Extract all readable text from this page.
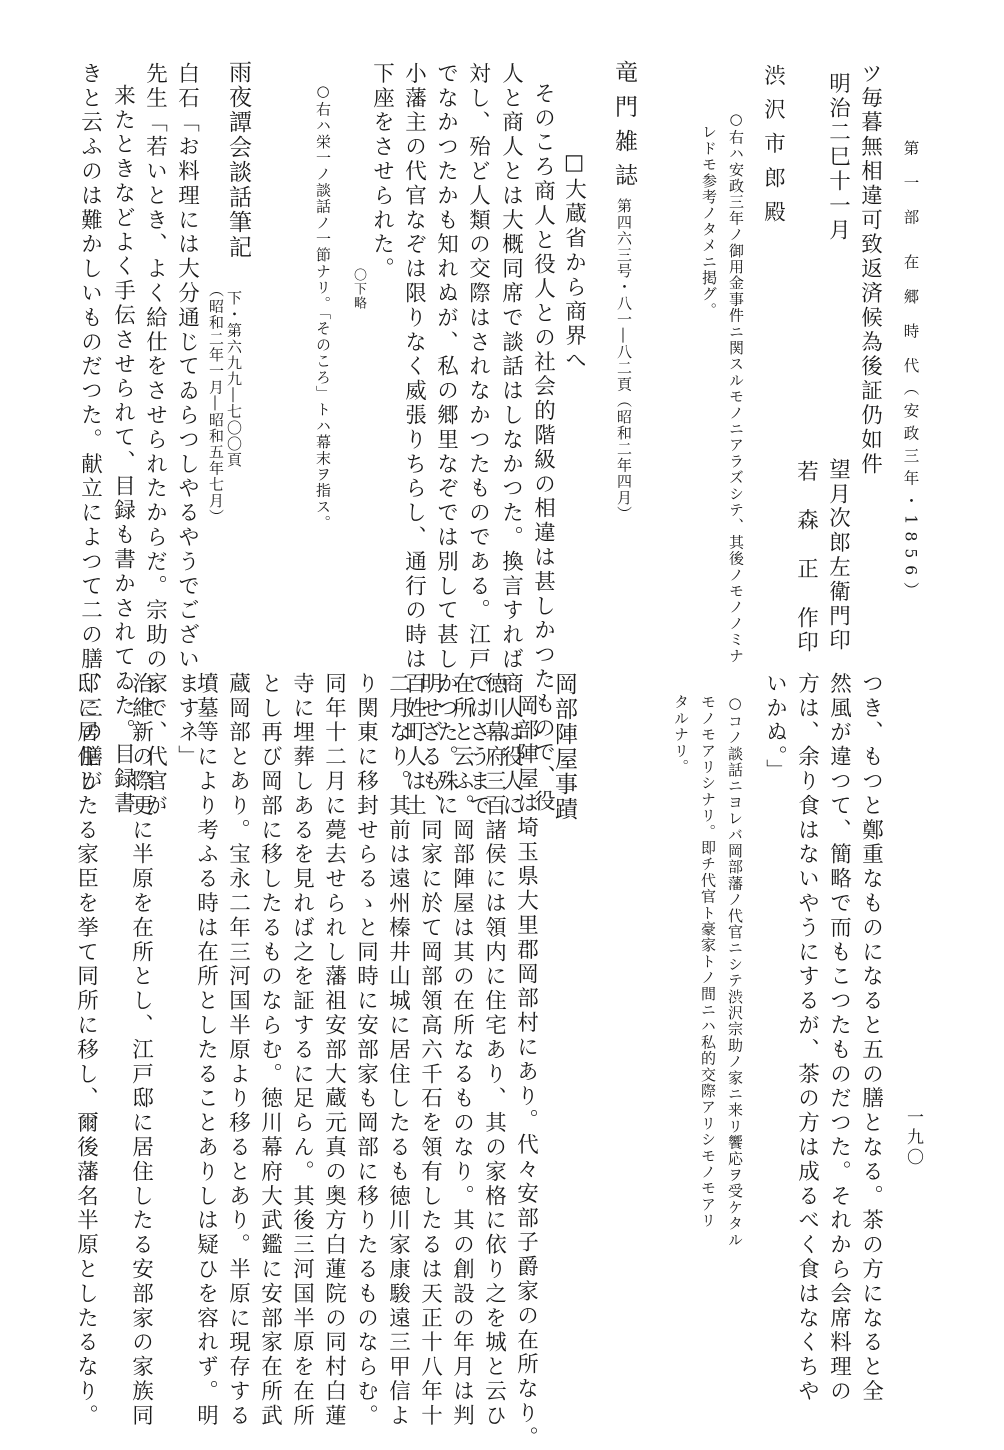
第 一 部　在 郷 時 代（安政三年・1856）
一九〇
ツ毎暮無相違可致返済候為後証仍如件
明治二巳十一月
望月次郎左衛門印
若　森　正　作印
渋 沢 市 郎 殿
○右ハ安政三年ノ御用金事件ニ関スルモノニアラズシテ、其後ノモノノミナ
レドモ参考ノタメニ掲グ。
竜 門 雑 誌
第四六三号・八一―八二頁（昭和二年四月）
□大蔵省から商界へ
そのころ商人と役人との社会的階級の相違は甚しかつたもので、役
人と商人とは大概同席で談話はしなかつた。換言すれば商人は役人に
対し、殆ど人類の交際はされなかつたものである。江戸ではさうまで
でなかつたかも知れぬが、私の郷里なぞでは別して甚しかつた。殊に
小藩主の代官なぞは限りなく威張りちらし、通行の時は百姓町人は土
下座をさせられた。
〇下略
○右ハ栄一ノ談話ノ一節ナリ。「そのころ」トハ幕末ヲ指ス。
雨夜譚会談話筆記
下・第六九九―七〇〇頁
（昭和二年一月―昭和五年七月）
白石「お料理には大分通じてゐらつしやるやうでございますネ」
先生「若いとき、よく給仕をさせられたからだ。宗助の家で、代官が
来たときなどよく手伝させられて、目録も書かされてゐた。目録書
きと云ふのは難かしいものだつた。献立によつて二の膳、三の膳が
つき、もつと鄭重なものになると五の膳となる。茶の方になると全
然風が違つて、簡略で而もこつたものだつた。それから会席料理の
方は、余り食はないやうにするが、茶の方は成るべく食はなくちや
いかぬ。」
○コノ談話ニヨレバ岡部藩ノ代官ニシテ渋沢宗助ノ家ニ来リ饗応ヲ受ケタル
モノモアリシナリ。即チ代官ト豪家トノ間ニハ私的交際アリシモノモアリ
タルナリ。
岡部陣屋事蹟
岡部陣屋は埼玉県大里郡岡部村にあり。代々安部子爵家の在所なり。
徳川幕府三百諸侯には領内に住宅あり、其の家格に依り之を城と云ひ
在所と云ふ。岡部陣屋は其の在所なるものなり。其の創設の年月は判
明せざるも、同家に於て岡部領高六千石を領有したるは天正十八年十
二月なり。其前は遠州榛井山城に居住したるも徳川家康駿遠三甲信よ
り関東に移封せらるゝと同時に安部家も岡部に移りたるものならむ。
同年十二月に薨去せられし藩祖安部大蔵元真の奥方白蓮院の同村白蓮
寺に埋葬しあるを見れば之を証するに足らん。其後三河国半原を在所
とし再び岡部に移したるものならむ。徳川幕府大武鑑に安部家在所武
蔵岡部とあり。宝永二年三河国半原より移るとあり。半原に現存する
墳墓等により考ふる時は在所としたることありしは疑ひを容れず。明
治維新の際更に半原を在所とし、江戸邸に居住したる安部家の家族同
邸に居住したる家臣を挙て同所に移し、爾後藩名半原としたるなり。
